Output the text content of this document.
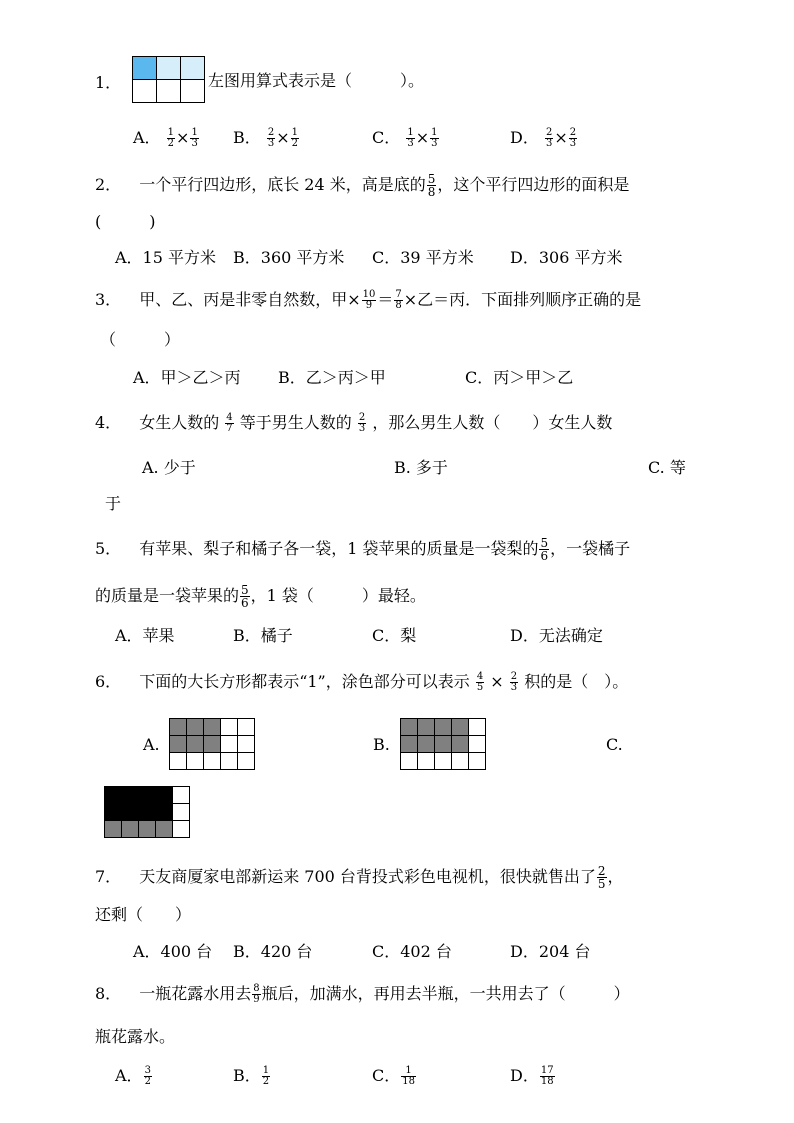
1．

			左图用算式表示是（　　　）。
A． $\frac{1}{2} \times \frac{1}{3}$ B． $\frac{2}{3} \times \frac{1}{2}$	C． $\frac{1}{3} \times \frac{1}{3}$	D． $\frac{2}{3} \times \frac{2}{3}$
2． 一个平行四边形，底长 24 米，高是底的 $\frac{5}{8}$ ，这个平行四边形的面积是
(　　　)
A．15 平方米 B．360 平方米 C．39 平方米 D．306 平方米
3． 甲、乙、丙是非零自然数，甲× $\frac{10}{9} = \frac{7}{8}$ ×乙＝丙．下面排列顺序正确的是
（　　　）
A．甲＞乙＞丙 B．乙＞丙＞甲	C．丙＞甲＞乙
4． 女生人数的 $\frac{4}{7}$ 等于男生人数的 $\frac{2}{3}$ ，那么男生人数（　　）女生人数
A. 少于	B. 多于	C. 等
于
5． 有苹果、梨子和橘子各一袋，1 袋苹果的质量是一袋梨的 $\frac{5}{6}$ ，一袋橘子
的质量是一袋苹果的 $\frac{5}{6}$ ，1 袋（　　　）最轻。
A．苹果	B．橘子	C．梨	D．无法确定
6． 下面的大长方形都表示“1”，涂色部分可以表示 $\frac{4}{5} \times \frac{2}{3}$ 积的是（　）。
A.

					B.

					C.

7． 天友商厦家电部新运来 700 台背投式彩色电视机，很快就售出了 $\frac{2}{5}$ ，
还剩（　　）
A．400 台 B．420 台	C．402 台	D．204 台
8． 一瓶花露水用去 $\frac{8}{9}$ 瓶后，加满水，再用去半瓶，一共用去了（　　　）
瓶花露水。
A． $\frac{3}{2}$	B． $\frac{1}{2}$	C． $\frac{1}{18}$	D． $\frac{17}{18}$
